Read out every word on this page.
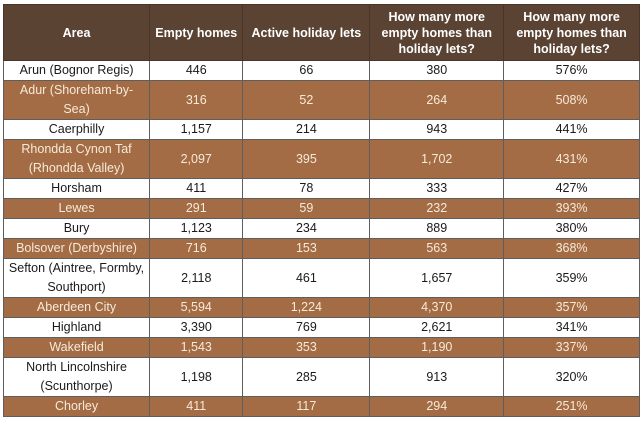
Area	Empty homes	Active holiday lets	How many more empty homes than holiday lets?	How many more empty homes than holiday lets?
Arun (Bognor Regis)	446	66	380	576%
Adur (Shoreham-by-Sea)	316	52	264	508%
Caerphilly	1,157	214	943	441%
Rhondda Cynon Taf (Rhondda Valley)	2,097	395	1,702	431%
Horsham	411	78	333	427%
Lewes	291	59	232	393%
Bury	1,123	234	889	380%
Bolsover (Derbyshire)	716	153	563	368%
Sefton (Aintree, Formby, Southport)	2,118	461	1,657	359%
Aberdeen City	5,594	1,224	4,370	357%
Highland	3,390	769	2,621	341%
Wakefield	1,543	353	1,190	337%
North Lincolnshire (Scunthorpe)	1,198	285	913	320%
Chorley	411	117	294	251%
